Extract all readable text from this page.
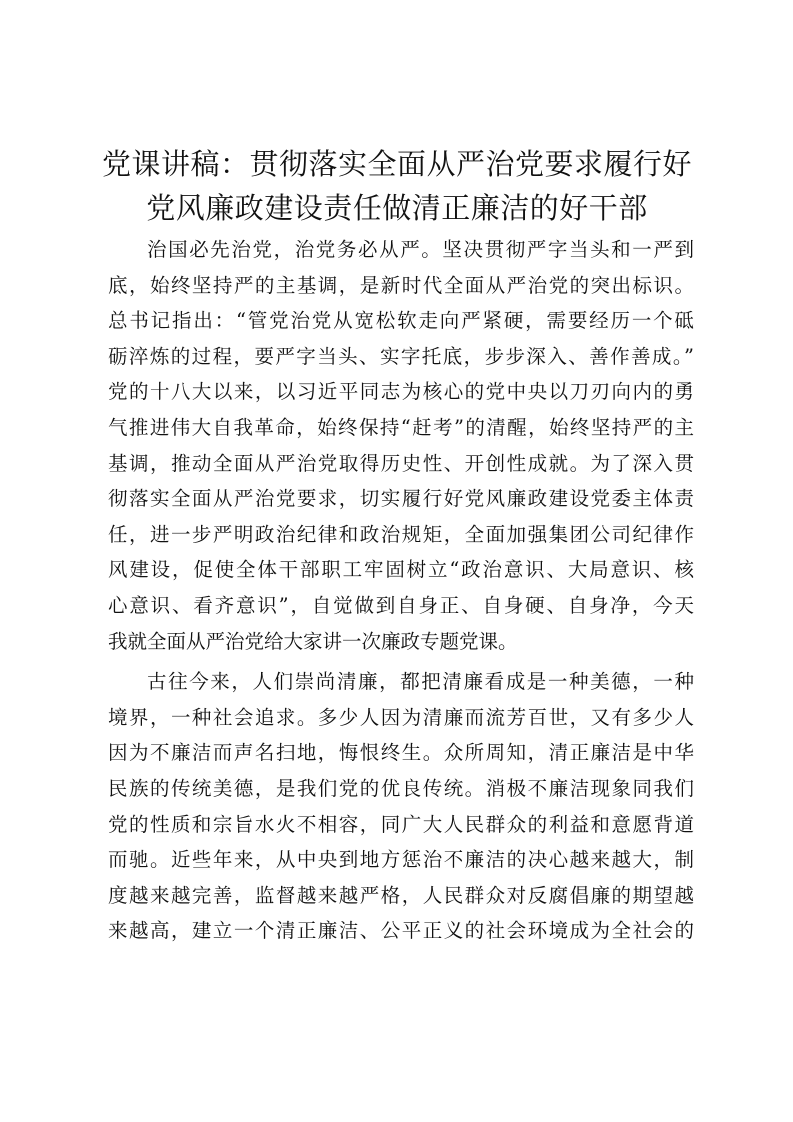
党课讲稿：贯彻落实全面从严治党要求履行好
党风廉政建设责任做清正廉洁的好干部

治国必先治党，治党务必从严。坚决贯彻严字当头和一严到
底，始终坚持严的主基调，是新时代全面从严治党的突出标识。
总书记指出：“管党治党从宽松软走向严紧硬，需要经历一个砥
砺淬炼的过程，要严字当头、实字托底，步步深入、善作善成。”
党的十八大以来，以习近平同志为核心的党中央以刀刃向内的勇
气推进伟大自我革命，始终保持“赶考”的清醒，始终坚持严的主
基调，推动全面从严治党取得历史性、开创性成就。为了深入贯
彻落实全面从严治党要求，切实履行好党风廉政建设党委主体责
任，进一步严明政治纪律和政治规矩，全面加强集团公司纪律作
风建设，促使全体干部职工牢固树立“政治意识、大局意识、核
心意识、看齐意识”，自觉做到自身正、自身硬、自身净，今天
我就全面从严治党给大家讲一次廉政专题党课。

古往今来，人们崇尚清廉，都把清廉看成是一种美德，一种
境界，一种社会追求。多少人因为清廉而流芳百世，又有多少人
因为不廉洁而声名扫地，悔恨终生。众所周知，清正廉洁是中华
民族的传统美德，是我们党的优良传统。消极不廉洁现象同我们
党的性质和宗旨水火不相容，同广大人民群众的利益和意愿背道
而驰。近些年来，从中央到地方惩治不廉洁的决心越来越大，制
度越来越完善，监督越来越严格，人民群众对反腐倡廉的期望越
来越高，建立一个清正廉洁、公平正义的社会环境成为全社会的
